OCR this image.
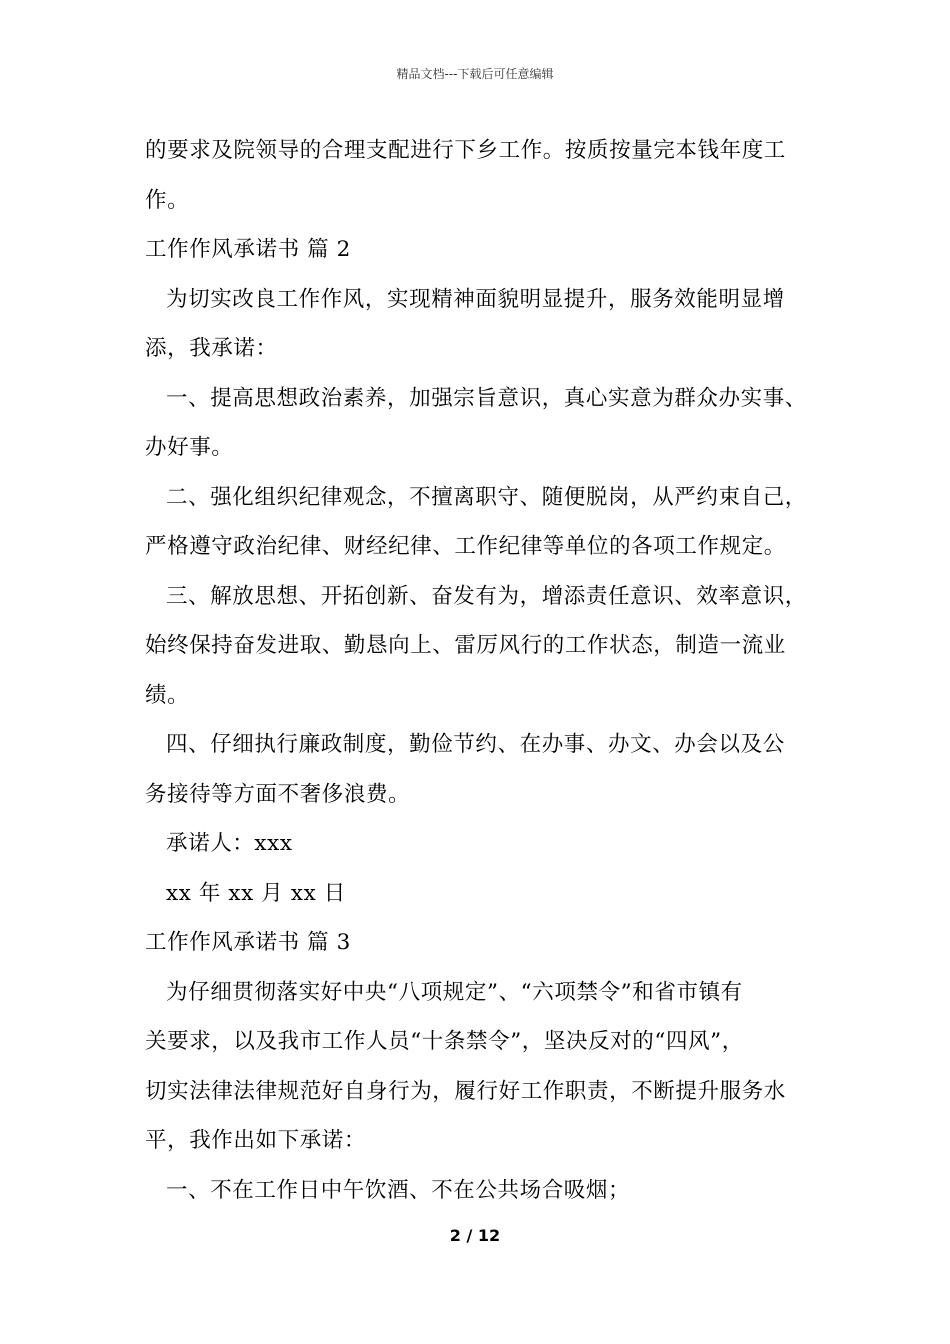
精品文档---下载后可任意编辑
的要求及院领导的合理支配进行下乡工作。按质按量完本钱年度工
作。
工作作风承诺书 篇 2
为切实改良工作作风，实现精神面貌明显提升，服务效能明显增
添，我承诺：
一、提高思想政治素养，加强宗旨意识，真心实意为群众办实事、
办好事。
二、强化组织纪律观念，不擅离职守、随便脱岗，从严约束自己，
严格遵守政治纪律、财经纪律、工作纪律等单位的各项工作规定。
三、解放思想、开拓创新、奋发有为，增添责任意识、效率意识，
始终保持奋发进取、勤恳向上、雷厉风行的工作状态，制造一流业
绩。
四、仔细执行廉政制度，勤俭节约、在办事、办文、办会以及公
务接待等方面不奢侈浪费。
承诺人：xxx
xx 年 xx 月 xx 日
工作作风承诺书 篇 3
为仔细贯彻落实好中央“八项规定”、“六项禁令”和省市镇有
关要求，以及我市工作人员“十条禁令”，坚决反对的“四风”，
切实法律法律规范好自身行为，履行好工作职责，不断提升服务水
平，我作出如下承诺：
一、不在工作日中午饮酒、不在公共场合吸烟；
2 / 12
